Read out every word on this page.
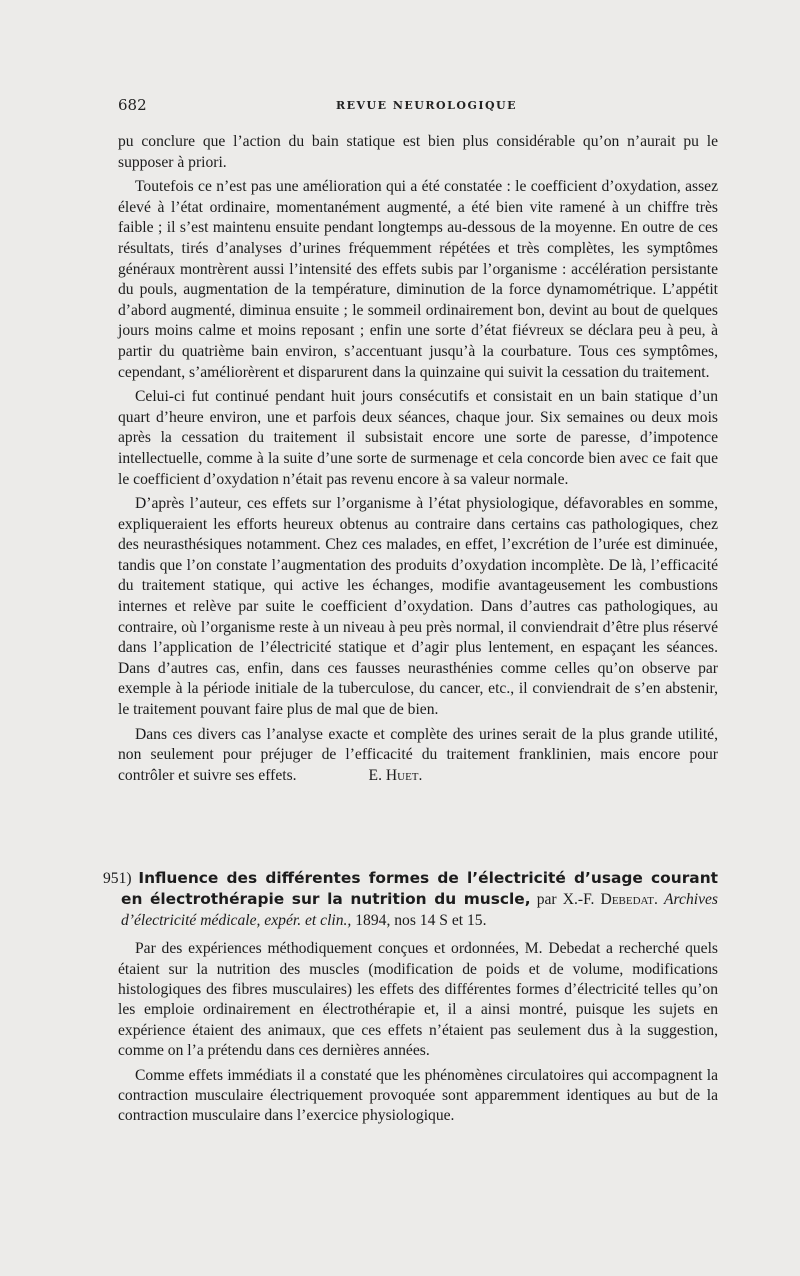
682	REVUE NEUROLOGIQUE

pu conclure que l’action du bain statique est bien plus considérable qu’on n’aurait pu le supposer à priori.

Toutefois ce n’est pas une amélioration qui a été constatée : le coefficient d’oxydation, assez élevé à l’état ordinaire, momentanément augmenté, a été bien vite ramené à un chiffre très faible ; il s’est maintenu ensuite pendant longtemps au-dessous de la moyenne. En outre de ces résultats, tirés d’analyses d’urines fréquemment répétées et très complètes, les symptômes généraux montrèrent aussi l’intensité des effets subis par l’organisme : accélération persistante du pouls, augmentation de la température, diminution de la force dynamométrique. L’appétit d’abord augmenté, diminua ensuite ; le sommeil ordinairement bon, devint au bout de quelques jours moins calme et moins reposant ; enfin une sorte d’état fiévreux se déclara peu à peu, à partir du quatrième bain environ, s’accentuant jusqu’à la courbature. Tous ces symptômes, cependant, s’améliorèrent et disparurent dans la quinzaine qui suivit la cessation du traitement.

Celui-ci fut continué pendant huit jours consécutifs et consistait en un bain statique d’un quart d’heure environ, une et parfois deux séances, chaque jour. Six semaines ou deux mois après la cessation du traitement il subsistait encore une sorte de paresse, d’impotence intellectuelle, comme à la suite d’une sorte de surmenage et cela concorde bien avec ce fait que le coefficient d’oxydation n’était pas revenu encore à sa valeur normale.

D’après l’auteur, ces effets sur l’organisme à l’état physiologique, défavorables en somme, expliqueraient les efforts heureux obtenus au contraire dans certains cas pathologiques, chez des neurasthésiques notamment. Chez ces malades, en effet, l’excrétion de l’urée est diminuée, tandis que l’on constate l’augmentation des produits d’oxydation incomplète. De là, l’efficacité du traitement statique, qui active les échanges, modifie avantageusement les combustions internes et relève par suite le coefficient d’oxydation. Dans d’autres cas pathologiques, au contraire, où l’organisme reste à un niveau à peu près normal, il conviendrait d’être plus réservé dans l’application de l’électricité statique et d’agir plus lentement, en espaçant les séances. Dans d’autres cas, enfin, dans ces fausses neurasthénies comme celles qu’on observe par exemple à la période initiale de la tuberculose, du cancer, etc., il conviendrait de s’en abstenir, le traitement pouvant faire plus de mal que de bien.

Dans ces divers cas l’analyse exacte et complète des urines serait de la plus grande utilité, non seulement pour préjuger de l’efficacité du traitement franklinien, mais encore pour contrôler et suivre ses effets.	E. Huet.

951) Influence des différentes formes de l’électricité d’usage courant en électrothérapie sur la nutrition du muscle, par X.-F. Debedat. Archives d’électricité médicale, expér. et clin., 1894, nos 14 S et 15.

Par des expériences méthodiquement conçues et ordonnées, M. Debedat a recherché quels étaient sur la nutrition des muscles (modification de poids et de volume, modifications histologiques des fibres musculaires) les effets des différentes formes d’électricité telles qu’on les emploie ordinairement en électrothérapie et, il a ainsi montré, puisque les sujets en expérience étaient des animaux, que ces effets n’étaient pas seulement dus à la suggestion, comme on l’a prétendu dans ces dernières années.

Comme effets immédiats il a constaté que les phénomènes circulatoires qui accompagnent la contraction musculaire électriquement provoquée sont apparemment identiques au but de la contraction musculaire dans l’exercice physiologique.
